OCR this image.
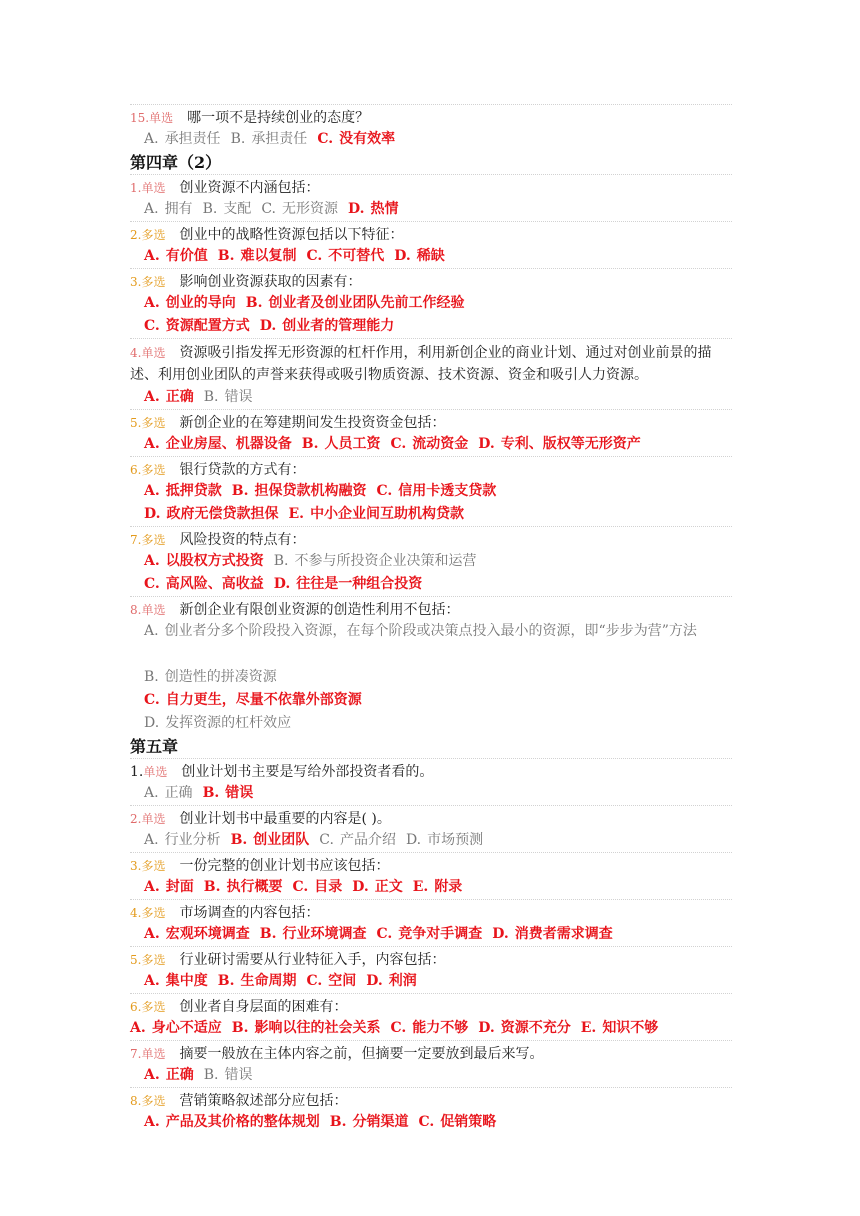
15.单选 哪一项不是持续创业的态度？
A. 承担责任 B. 承担责任 C. 没有效率
第四章（2）
1.单选 创业资源不内涵包括：
A. 拥有 B. 支配 C. 无形资源 D. 热情
2.多选 创业中的战略性资源包括以下特征：
A. 有价值 B. 难以复制 C. 不可替代 D. 稀缺
3.多选 影响创业资源获取的因素有：
A. 创业的导向 B. 创业者及创业团队先前工作经验
C. 资源配置方式 D. 创业者的管理能力
4.单选 资源吸引指发挥无形资源的杠杆作用，利用新创企业的商业计划、通过对创业前景的描述、利用创业团队的声誉来获得或吸引物质资源、技术资源、资金和吸引人力资源。
A. 正确 B. 错误
5.多选 新创企业的在筹建期间发生投资资金包括：
A. 企业房屋、机器设备 B. 人员工资 C. 流动资金 D. 专利、版权等无形资产
6.多选 银行贷款的方式有：
A. 抵押贷款 B. 担保贷款机构融资 C. 信用卡透支贷款
D. 政府无偿贷款担保 E. 中小企业间互助机构贷款
7.多选 风险投资的特点有：
A. 以股权方式投资 B. 不参与所投资企业决策和运营
C. 高风险、高收益 D. 往往是一种组合投资
8.单选 新创企业有限创业资源的创造性利用不包括：
A. 创业者分多个阶段投入资源，在每个阶段或决策点投入最小的资源，即“步步为营”方法
B. 创造性的拼凑资源
C. 自力更生，尽量不依靠外部资源
D. 发挥资源的杠杆效应
第五章
1.单选 创业计划书主要是写给外部投资者看的。
A. 正确 B. 错误
2.单选 创业计划书中最重要的内容是( )。
A. 行业分析 B. 创业团队 C. 产品介绍 D. 市场预测
3.多选 一份完整的创业计划书应该包括：
A. 封面 B. 执行概要 C. 目录 D. 正文 E. 附录
4.多选 市场调查的内容包括：
A. 宏观环境调查 B. 行业环境调查 C. 竞争对手调查 D. 消费者需求调查
5.多选 行业研讨需要从行业特征入手，内容包括：
A. 集中度 B. 生命周期 C. 空间 D. 利润
6.多选 创业者自身层面的困难有：
A. 身心不适应 B. 影响以往的社会关系 C. 能力不够 D. 资源不充分 E. 知识不够
7.单选 摘要一般放在主体内容之前，但摘要一定要放到最后来写。
A. 正确 B. 错误
8.多选 营销策略叙述部分应包括：
A. 产品及其价格的整体规划 B. 分销渠道 C. 促销策略
